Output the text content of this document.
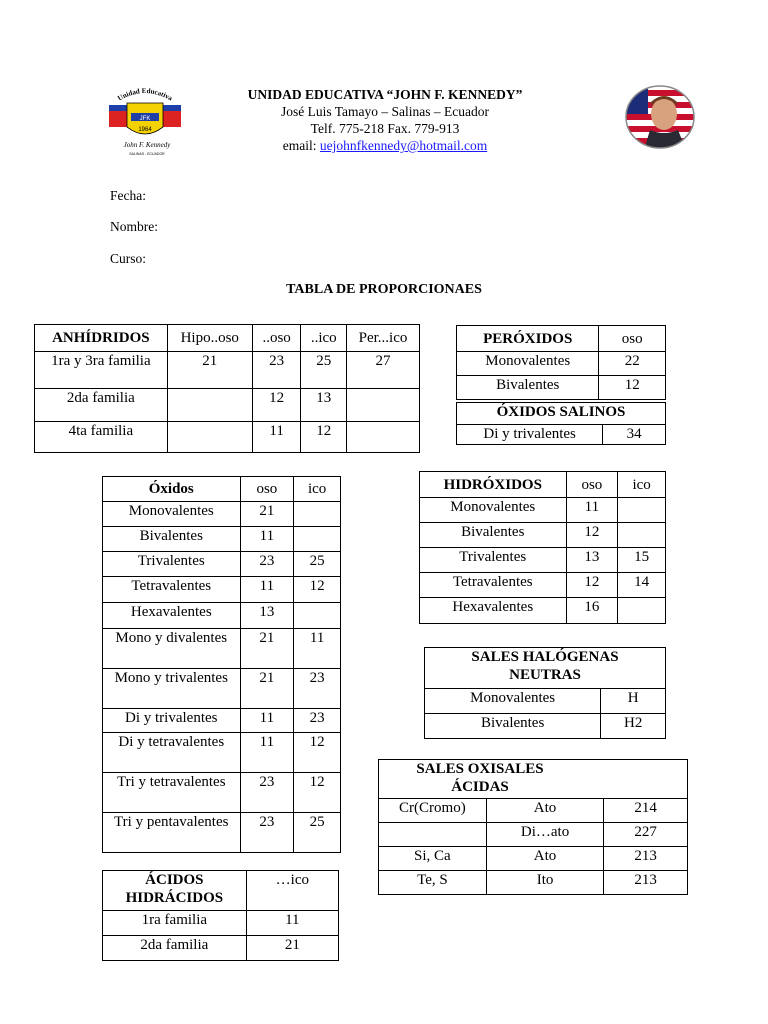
Unidad Educativa
JFK
1964
John F. Kennedy
SALINAS - ECUADOR
UNIDAD EDUCATIVA “JOHN F. KENNEDY”
José Luis Tamayo – Salinas – Ecuador
Telf. 775-218 Fax. 779-913
email: uejohnfkennedy@hotmail.com
Fecha:
Nombre:
Curso:
TABLA DE PROPORCIONAES
ANHÍDRIDOS	Hipo..oso	..oso	..ico	Per...ico
1ra y 3ra familia	21	23	25	27
2da familia		12	13	
4ta familia		11	12	
PERÓXIDOS	oso
Monovalentes	22
Bivalentes	12
ÓXIDOS SALINOS
Di y trivalentes	34
Óxidos	oso	ico
Monovalentes	21	
Bivalentes	11	
Trivalentes	23	25
Tetravalentes	11	12
Hexavalentes	13	
Mono y divalentes	21	11
Mono y trivalentes	21	23
Di y trivalentes	11	23
Di y tetravalentes	11	12
Tri y tetravalentes	23	12
Tri y pentavalentes	23	25
HIDRÓXIDOS	oso	ico
Monovalentes	11	
Bivalentes	12	
Trivalentes	13	15
Tetravalentes	12	14
Hexavalentes	16	
SALES HALÓGENAS NEUTRAS	
Monovalentes	H
Bivalentes	H2
SALES OXISALES ÁCIDAS		

Cr(Cromo)	Ato	214
	Di…ato	227
Si, Ca	Ato	213
Te, S	Ito	213
ÁCIDOS HIDRÁCIDOS	…ico
1ra familia	11
2da familia	21
